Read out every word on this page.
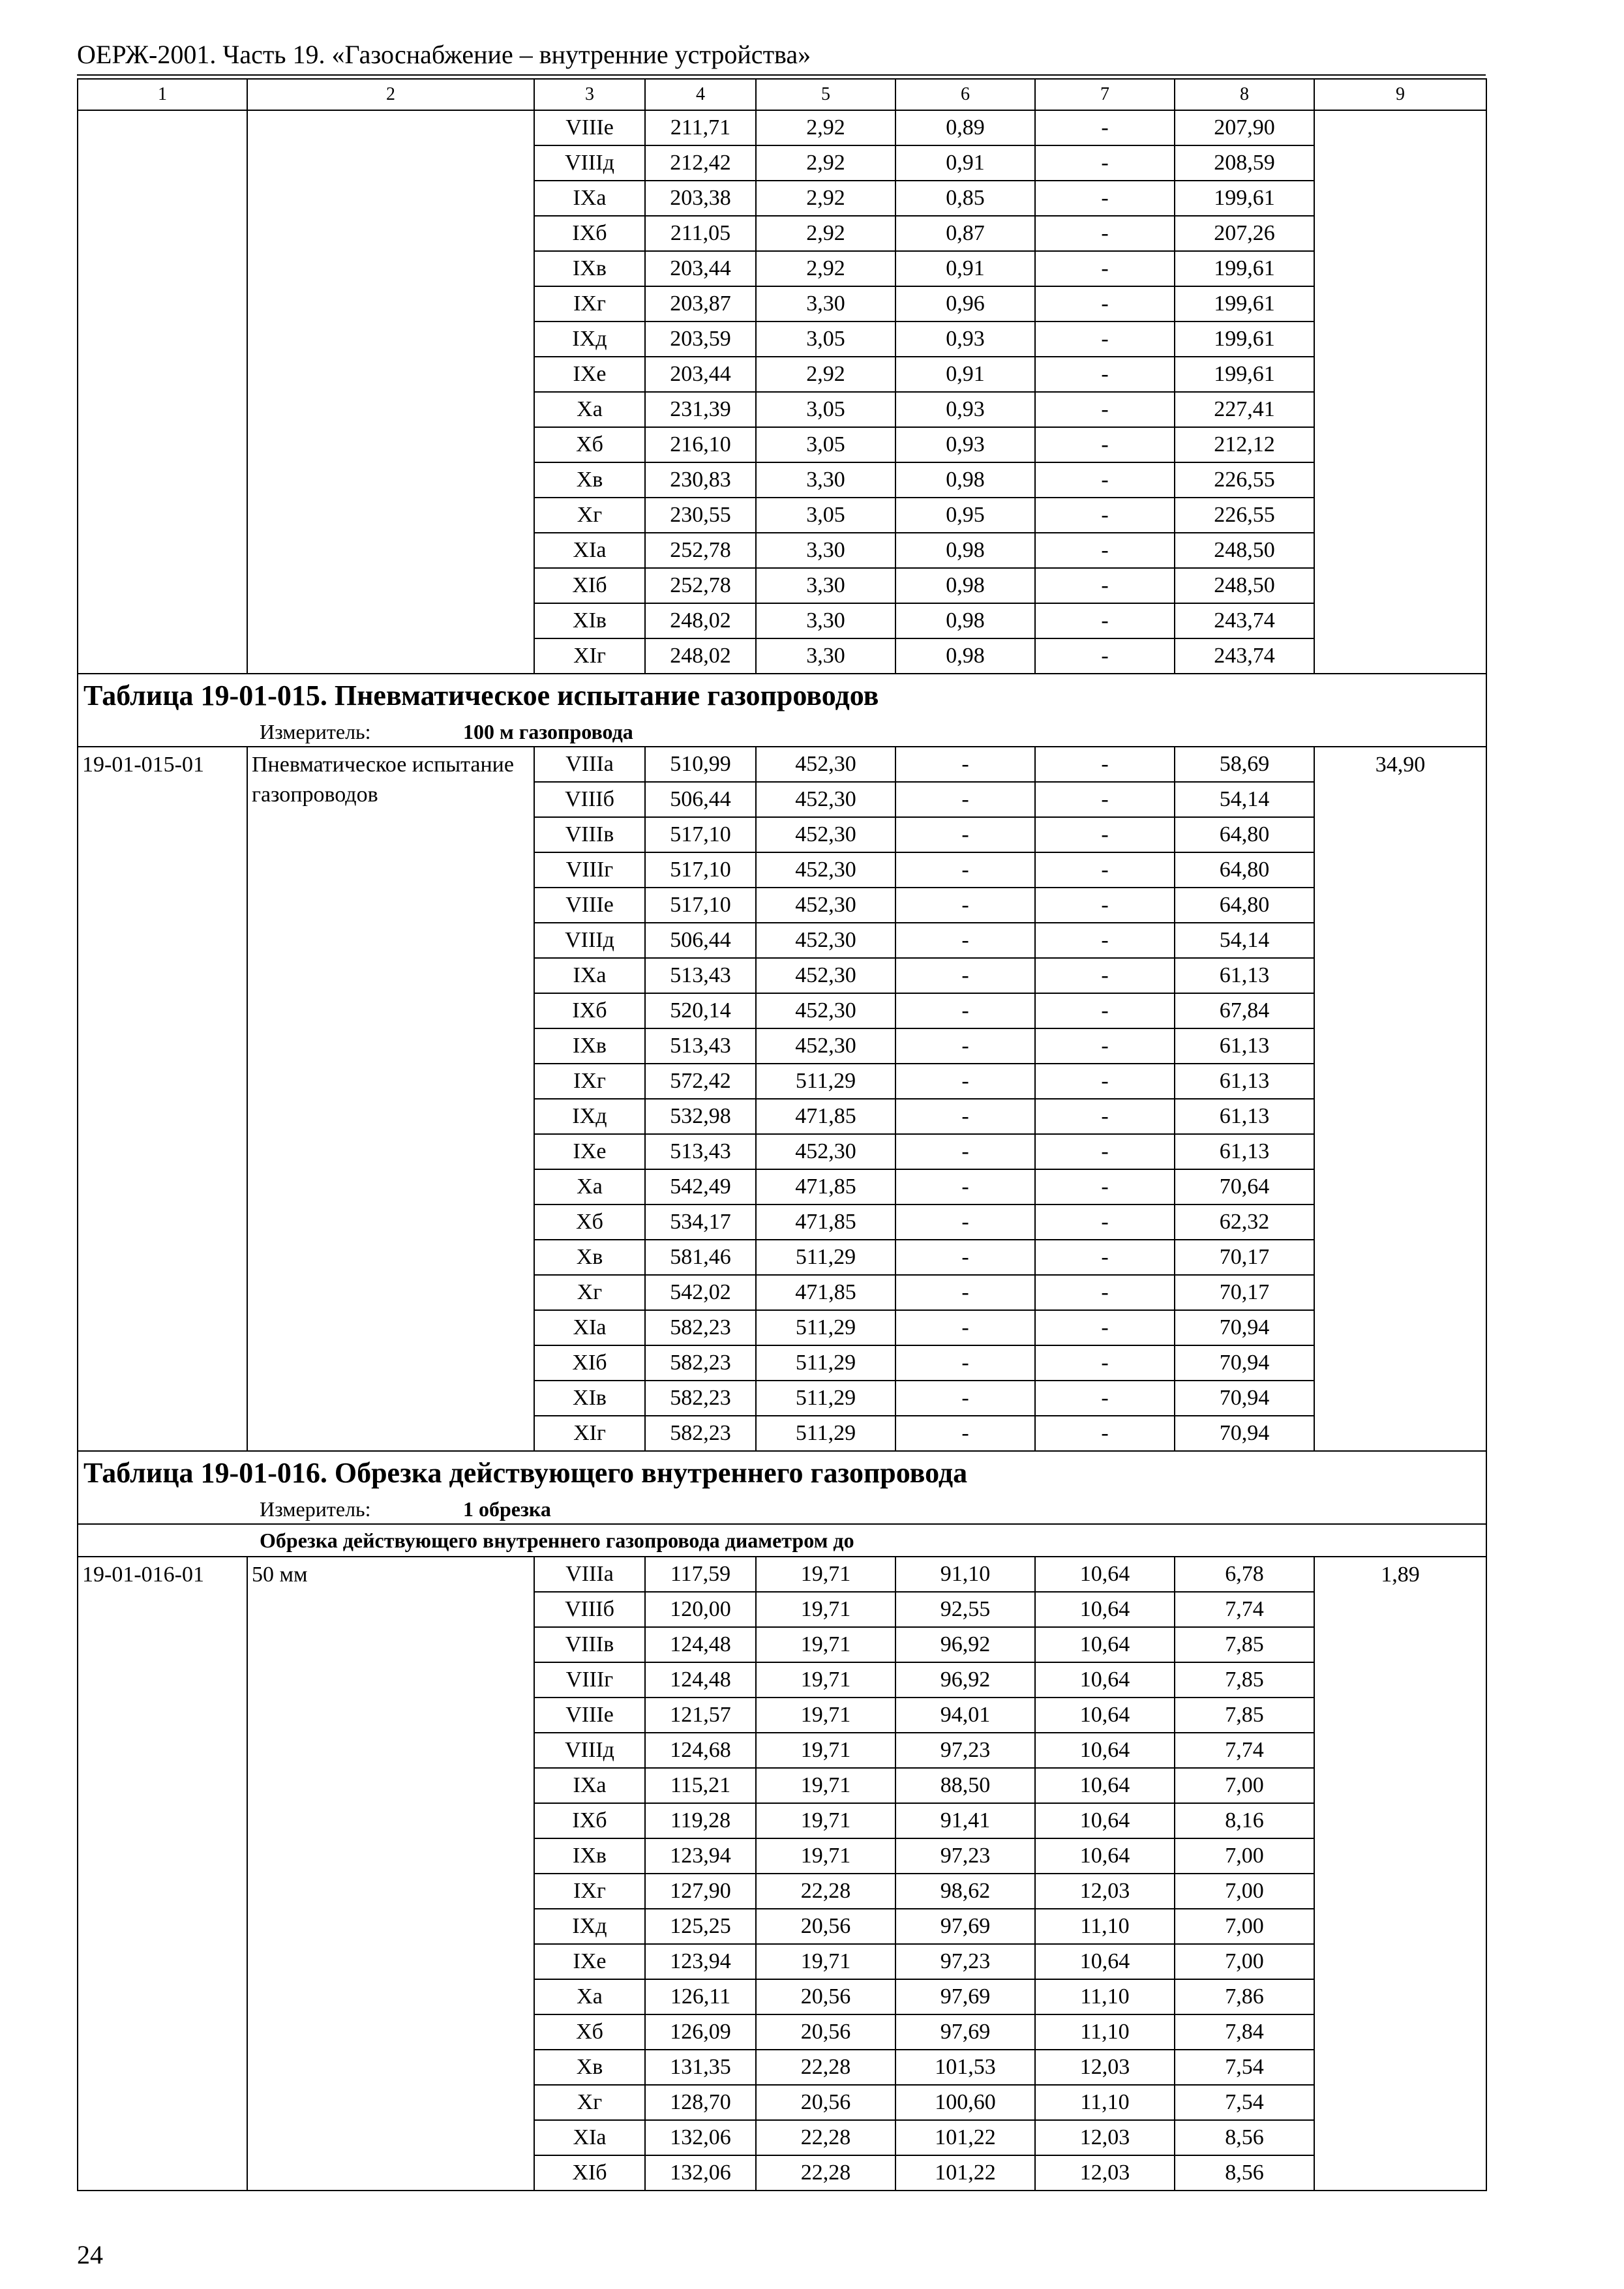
ОЕРЖ-2001. Часть 19. «Газоснабжение – внутренние устройства»
1	2	3	4	5	6	7	8	9
		VIIIe	211,71	2,92	0,89	-	207,90	
		VIIIд	212,42	2,92	0,91	-	208,59	
		IXa	203,38	2,92	0,85	-	199,61	
		IXб	211,05	2,92	0,87	-	207,26	
		IXв	203,44	2,92	0,91	-	199,61	
		IXг	203,87	3,30	0,96	-	199,61	
		IXд	203,59	3,05	0,93	-	199,61	
		IXe	203,44	2,92	0,91	-	199,61	
		Xa	231,39	3,05	0,93	-	227,41	
		Xб	216,10	3,05	0,93	-	212,12	
		Xв	230,83	3,30	0,98	-	226,55	
		Xг	230,55	3,05	0,95	-	226,55	
		XIa	252,78	3,30	0,98	-	248,50	
		XIб	252,78	3,30	0,98	-	248,50	
		XIв	248,02	3,30	0,98	-	243,74	
		XIг	248,02	3,30	0,98	-	243,74	
Таблица 19-01-015. Пневматическое испытание газопроводов								
Измеритель: 100 м газопровода								
19-01-015-01	Пневматическое испытание газопроводов	VIIIa	510,99	452,30	-	-	58,69	34,90
		VIIIб	506,44	452,30	-	-	54,14	
		VIIIв	517,10	452,30	-	-	64,80	
		VIIIг	517,10	452,30	-	-	64,80	
		VIIIe	517,10	452,30	-	-	64,80	
		VIIIд	506,44	452,30	-	-	54,14	
		IXa	513,43	452,30	-	-	61,13	
		IXб	520,14	452,30	-	-	67,84	
		IXв	513,43	452,30	-	-	61,13	
		IXг	572,42	511,29	-	-	61,13	
		IXд	532,98	471,85	-	-	61,13	
		IXe	513,43	452,30	-	-	61,13	
		Xa	542,49	471,85	-	-	70,64	
		Xб	534,17	471,85	-	-	62,32	
		Xв	581,46	511,29	-	-	70,17	
		Xг	542,02	471,85	-	-	70,17	
		XIa	582,23	511,29	-	-	70,94	
		XIб	582,23	511,29	-	-	70,94	
		XIв	582,23	511,29	-	-	70,94	
		XIг	582,23	511,29	-	-	70,94	
Таблица 19-01-016. Обрезка действующего внутреннего газопровода								
Измеритель: 1 обрезка								
Обрезка действующего внутреннего газопровода диаметром до								
19-01-016-01	50 мм	VIIIa	117,59	19,71	91,10	10,64	6,78	1,89
		VIIIб	120,00	19,71	92,55	10,64	7,74	
		VIIIв	124,48	19,71	96,92	10,64	7,85	
		VIIIг	124,48	19,71	96,92	10,64	7,85	
		VIIIe	121,57	19,71	94,01	10,64	7,85	
		VIIIд	124,68	19,71	97,23	10,64	7,74	
		IXa	115,21	19,71	88,50	10,64	7,00	
		IXб	119,28	19,71	91,41	10,64	8,16	
		IXв	123,94	19,71	97,23	10,64	7,00	
		IXг	127,90	22,28	98,62	12,03	7,00	
		IXд	125,25	20,56	97,69	11,10	7,00	
		IXe	123,94	19,71	97,23	10,64	7,00	
		Xa	126,11	20,56	97,69	11,10	7,86	
		Xб	126,09	20,56	97,69	11,10	7,84	
		Xв	131,35	22,28	101,53	12,03	7,54	
		Xг	128,70	20,56	100,60	11,10	7,54	
		XIa	132,06	22,28	101,22	12,03	8,56	
		XIб	132,06	22,28	101,22	12,03	8,56	
24
